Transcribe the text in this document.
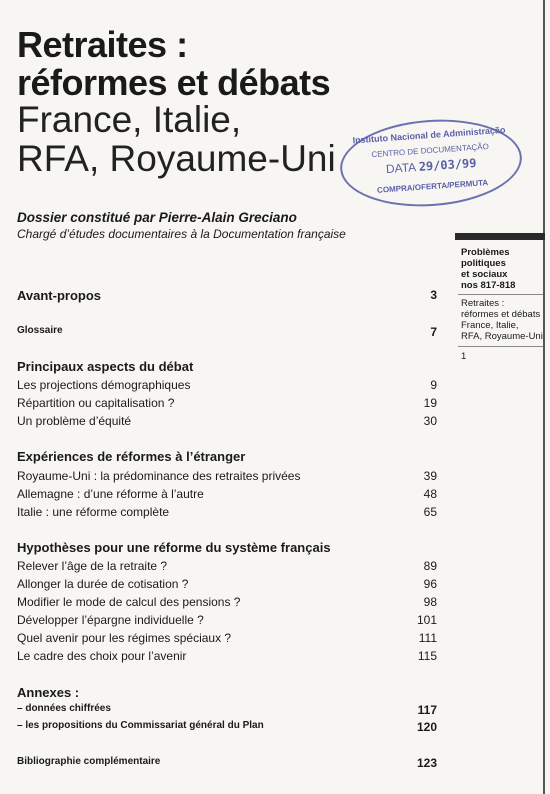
Retraites :
réformes et débats
France, Italie,
RFA, Royaume-Uni
Instituto Nacional de Administração
CENTRO DE DOCUMENTAÇÃO
DATA 29/03/99
COMPRA/OFERTA/PERMUTA
Dossier constitué par Pierre-Alain Greciano
Chargé d’études documentaires à la Documentation française
Problèmes
politiques
et sociaux
nos 817-818
Retraites :
réformes et débats
France, Italie,
RFA, Royaume-Uni
1
Avant-propos	3
Glossaire	7
Principaux aspects du débat
Les projections démographiques	9
Répartition ou capitalisation ?	19
Un problème d’équité	30
Expériences de réformes à l’étranger
Royaume-Uni : la prédominance des retraites privées	39
Allemagne : d’une réforme à l’autre	48
Italie : une réforme complète	65
Hypothèses pour une réforme du système français
Relever l’âge de la retraite ?	89
Allonger la durée de cotisation ?	96
Modifier le mode de calcul des pensions ?	98
Développer l’épargne individuelle ?	101
Quel avenir pour les régimes spéciaux ?	111
Le cadre des choix pour l’avenir	115
Annexes :
– données chiffrées	117
– les propositions du Commissariat général du Plan	120
Bibliographie complémentaire	123
